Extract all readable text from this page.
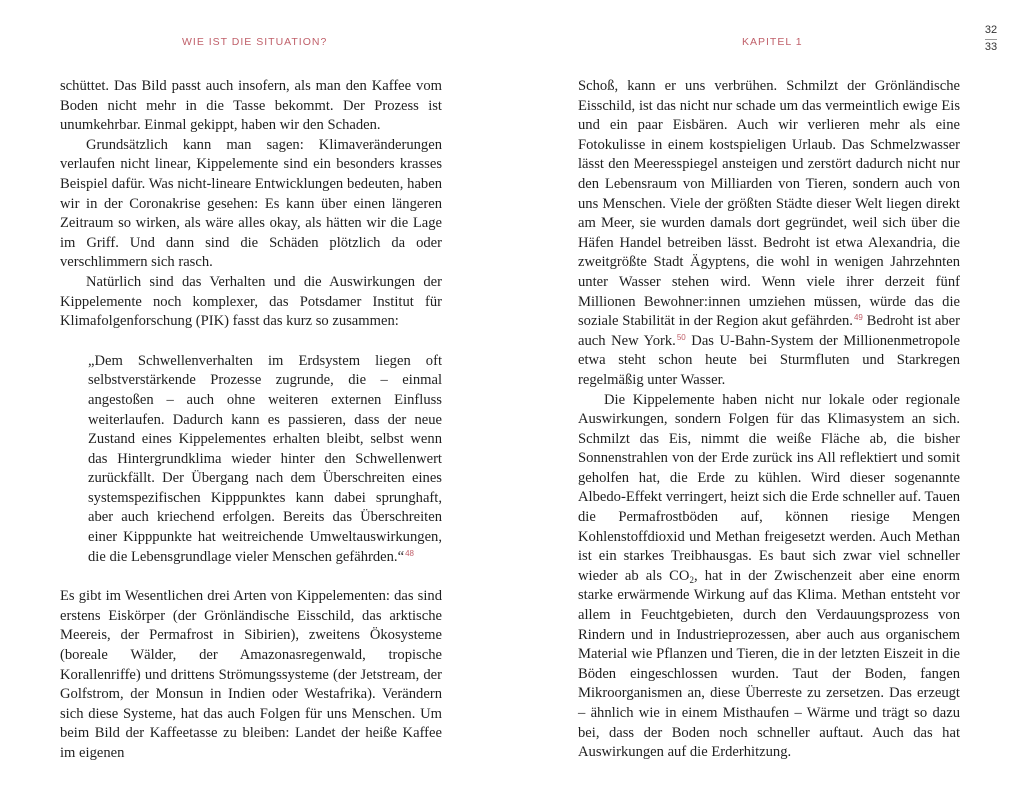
WIE IST DIE SITUATION?

schüttet. Das Bild passt auch insofern, als man den Kaffee vom Boden nicht mehr in die Tasse bekommt. Der Prozess ist unumkehrbar. Einmal gekippt, haben wir den Schaden.

Grundsätzlich kann man sagen: Klimaveränderungen verlaufen nicht linear, Kippelemente sind ein besonders krasses Beispiel dafür. Was nicht-lineare Entwicklungen bedeuten, haben wir in der Coronakrise gesehen: Es kann über einen längeren Zeitraum so wirken, als wäre alles okay, als hätten wir die Lage im Griff. Und dann sind die Schäden plötzlich da oder verschlimmern sich rasch.

Natürlich sind das Verhalten und die Auswirkungen der Kippelemente noch komplexer, das Potsdamer Institut für Klimafolgenforschung (PIK) fasst das kurz so zusammen:

„Dem Schwellenverhalten im Erdsystem liegen oft selbstverstärkende Prozesse zugrunde, die – einmal angestoßen – auch ohne weiteren externen Einfluss weiterlaufen. Dadurch kann es passieren, dass der neue Zustand eines Kippelementes erhalten bleibt, selbst wenn das Hintergrundklima wieder hinter den Schwellenwert zurückfällt. Der Übergang nach dem Überschreiten eines systemspezifischen Kipppunktes kann dabei sprunghaft, aber auch kriechend erfolgen. Bereits das Überschreiten einer Kipppunkte hat weitreichende Umweltauswirkungen, die die Lebensgrundlage vieler Menschen gefährden.“$^{48}$

Es gibt im Wesentlichen drei Arten von Kippelementen: das sind erstens Eiskörper (der Grönländische Eisschild, das arktische Meereis, der Permafrost in Sibirien), zweitens Ökosysteme (boreale Wälder, der Amazonasregenwald, tropische Korallenriffe) und drittens Strömungssysteme (der Jetstream, der Golfstrom, der Monsun in Indien oder Westafrika). Verändern sich diese Systeme, hat das auch Folgen für uns Menschen. Um beim Bild der Kaffeetasse zu bleiben: Landet der heiße Kaffee im eigenen

KAPITEL 1
32
33

Schoß, kann er uns verbrühen. Schmilzt der Grönländische Eisschild, ist das nicht nur schade um das vermeintlich ewige Eis und ein paar Eisbären. Auch wir verlieren mehr als eine Fotokulisse in einem kostspieligen Urlaub. Das Schmelzwasser lässt den Meeresspiegel ansteigen und zerstört dadurch nicht nur den Lebensraum von Milliarden von Tieren, sondern auch von uns Menschen. Viele der größten Städte dieser Welt liegen direkt am Meer, sie wurden damals dort gegründet, weil sich über die Häfen Handel betreiben lässt. Bedroht ist etwa Alexandria, die zweitgrößte Stadt Ägyptens, die wohl in wenigen Jahrzehnten unter Wasser stehen wird. Wenn viele ihrer derzeit fünf Millionen Bewohner:innen umziehen müssen, würde das die soziale Stabilität in der Region akut gefährden.$^{49}$ Bedroht ist aber auch New York.$^{50}$ Das U-Bahn-System der Millionenmetropole etwa steht schon heute bei Sturmfluten und Starkregen regelmäßig unter Wasser.

Die Kippelemente haben nicht nur lokale oder regionale Auswirkungen, sondern Folgen für das Klimasystem an sich. Schmilzt das Eis, nimmt die weiße Fläche ab, die bisher Sonnenstrahlen von der Erde zurück ins All reflektiert und somit geholfen hat, die Erde zu kühlen. Wird dieser sogenannte Albedo-Effekt verringert, heizt sich die Erde schneller auf. Tauen die Permafrostböden auf, können riesige Mengen Kohlenstoffdioxid und Methan freigesetzt werden. Auch Methan ist ein starkes Treibhausgas. Es baut sich zwar viel schneller wieder ab als $CO_2$, hat in der Zwischenzeit aber eine enorm starke erwärmende Wirkung auf das Klima. Methan entsteht vor allem in Feuchtgebieten, durch den Verdauungsprozess von Rindern und in Industrieprozessen, aber auch aus organischem Material wie Pflanzen und Tieren, die in der letzten Eiszeit in die Böden eingeschlossen wurden. Taut der Boden, fangen Mikroorganismen an, diese Überreste zu zersetzen. Das erzeugt – ähnlich wie in einem Misthaufen – Wärme und trägt so dazu bei, dass der Boden noch schneller auftaut. Auch das hat Auswirkungen auf die Erderhitzung.
